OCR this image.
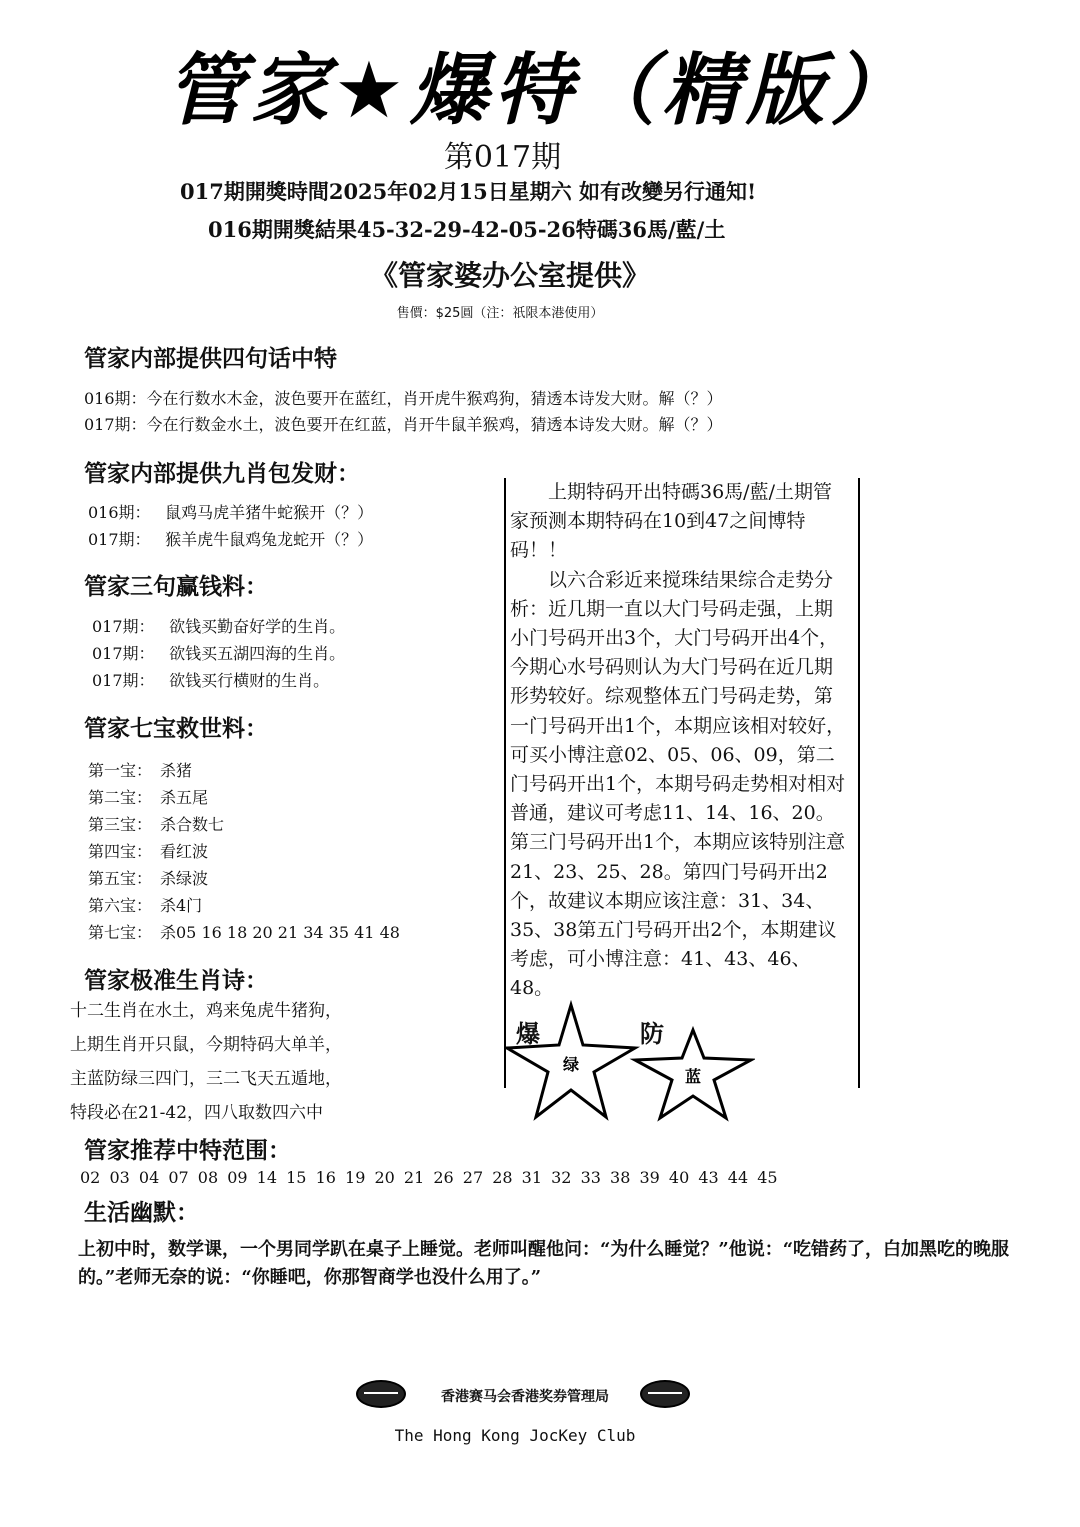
管家★爆特（精版）
第017期
017期開獎時間2025年02月15日星期六 如有改變另行通知!
016期開獎結果45-32-29-42-05-26特碼36馬/藍/土
《管家婆办公室提供》
售價：$25圓（注：祇限本港使用）
管家内部提供四句话中特
016期：今在行数水木金，波色要开在蓝红，肖开虎牛猴鸡狗，猜透本诗发大财。解（？）
017期：今在行数金水土，波色要开在红蓝，肖开牛鼠羊猴鸡，猜透本诗发大财。解（？）
管家内部提供九肖包发财：
016期： 鼠鸡马虎羊猪牛蛇猴开（？）
017期： 猴羊虎牛鼠鸡兔龙蛇开（？）
管家三句赢钱料：
017期： 欲钱买勤奋好学的生肖。
017期： 欲钱买五湖四海的生肖。
017期： 欲钱买行横财的生肖。
管家七宝救世料：
第一宝： 杀猪
第二宝： 杀五尾
第三宝： 杀合数七
第四宝： 看红波
第五宝： 杀绿波
第六宝： 杀4门
第七宝： 杀05 16 18 20 21 34 35 41 48
管家极准生肖诗：
十二生肖在水土，鸡来兔虎牛猪狗，
上期生肖开只鼠，今期特码大单羊，
主蓝防绿三四门，三二飞天五遁地，
特段必在21-42，四八取数四六中

上期特码开出特碼36馬/藍/土期管家预测本期特码在10到47之间博特码！！

以六合彩近来搅珠结果综合走势分析：近几期一直以大门号码走强，上期小门号码开出3个，大门号码开出4个，今期心水号码则认为大门号码在近几期形势较好。综观整体五门号码走势，第一门号码开出1个，本期应该相对较好，可买小博注意02、05、06、09，第二门号码开出1个，本期号码走势相对相对普通，建议可考虑11、14、16、20。第三门号码开出1个，本期应该特别注意21、23、25、28。第四门号码开出2个，故建议本期应该注意：31、34、35、38第五门号码开出2个，本期建议考虑，可小博注意：41、43、46、48。

爆	防
绿
蓝
管家推荐中特范围：
02 03 04 07 08 09 14 15 16 19 20 21 26 27 28 31 32 33 38 39 40 43 44 45
生活幽默：
上初中时，数学课，一个男同学趴在桌子上睡觉。老师叫醒他问：“为什么睡觉？”他说：“吃错药了，白加黑吃的晚服的。”老师无奈的说：“你睡吧，你那智商学也没什么用了。”
香港赛马会香港奖券管理局
The Hong Kong JocKey Club
